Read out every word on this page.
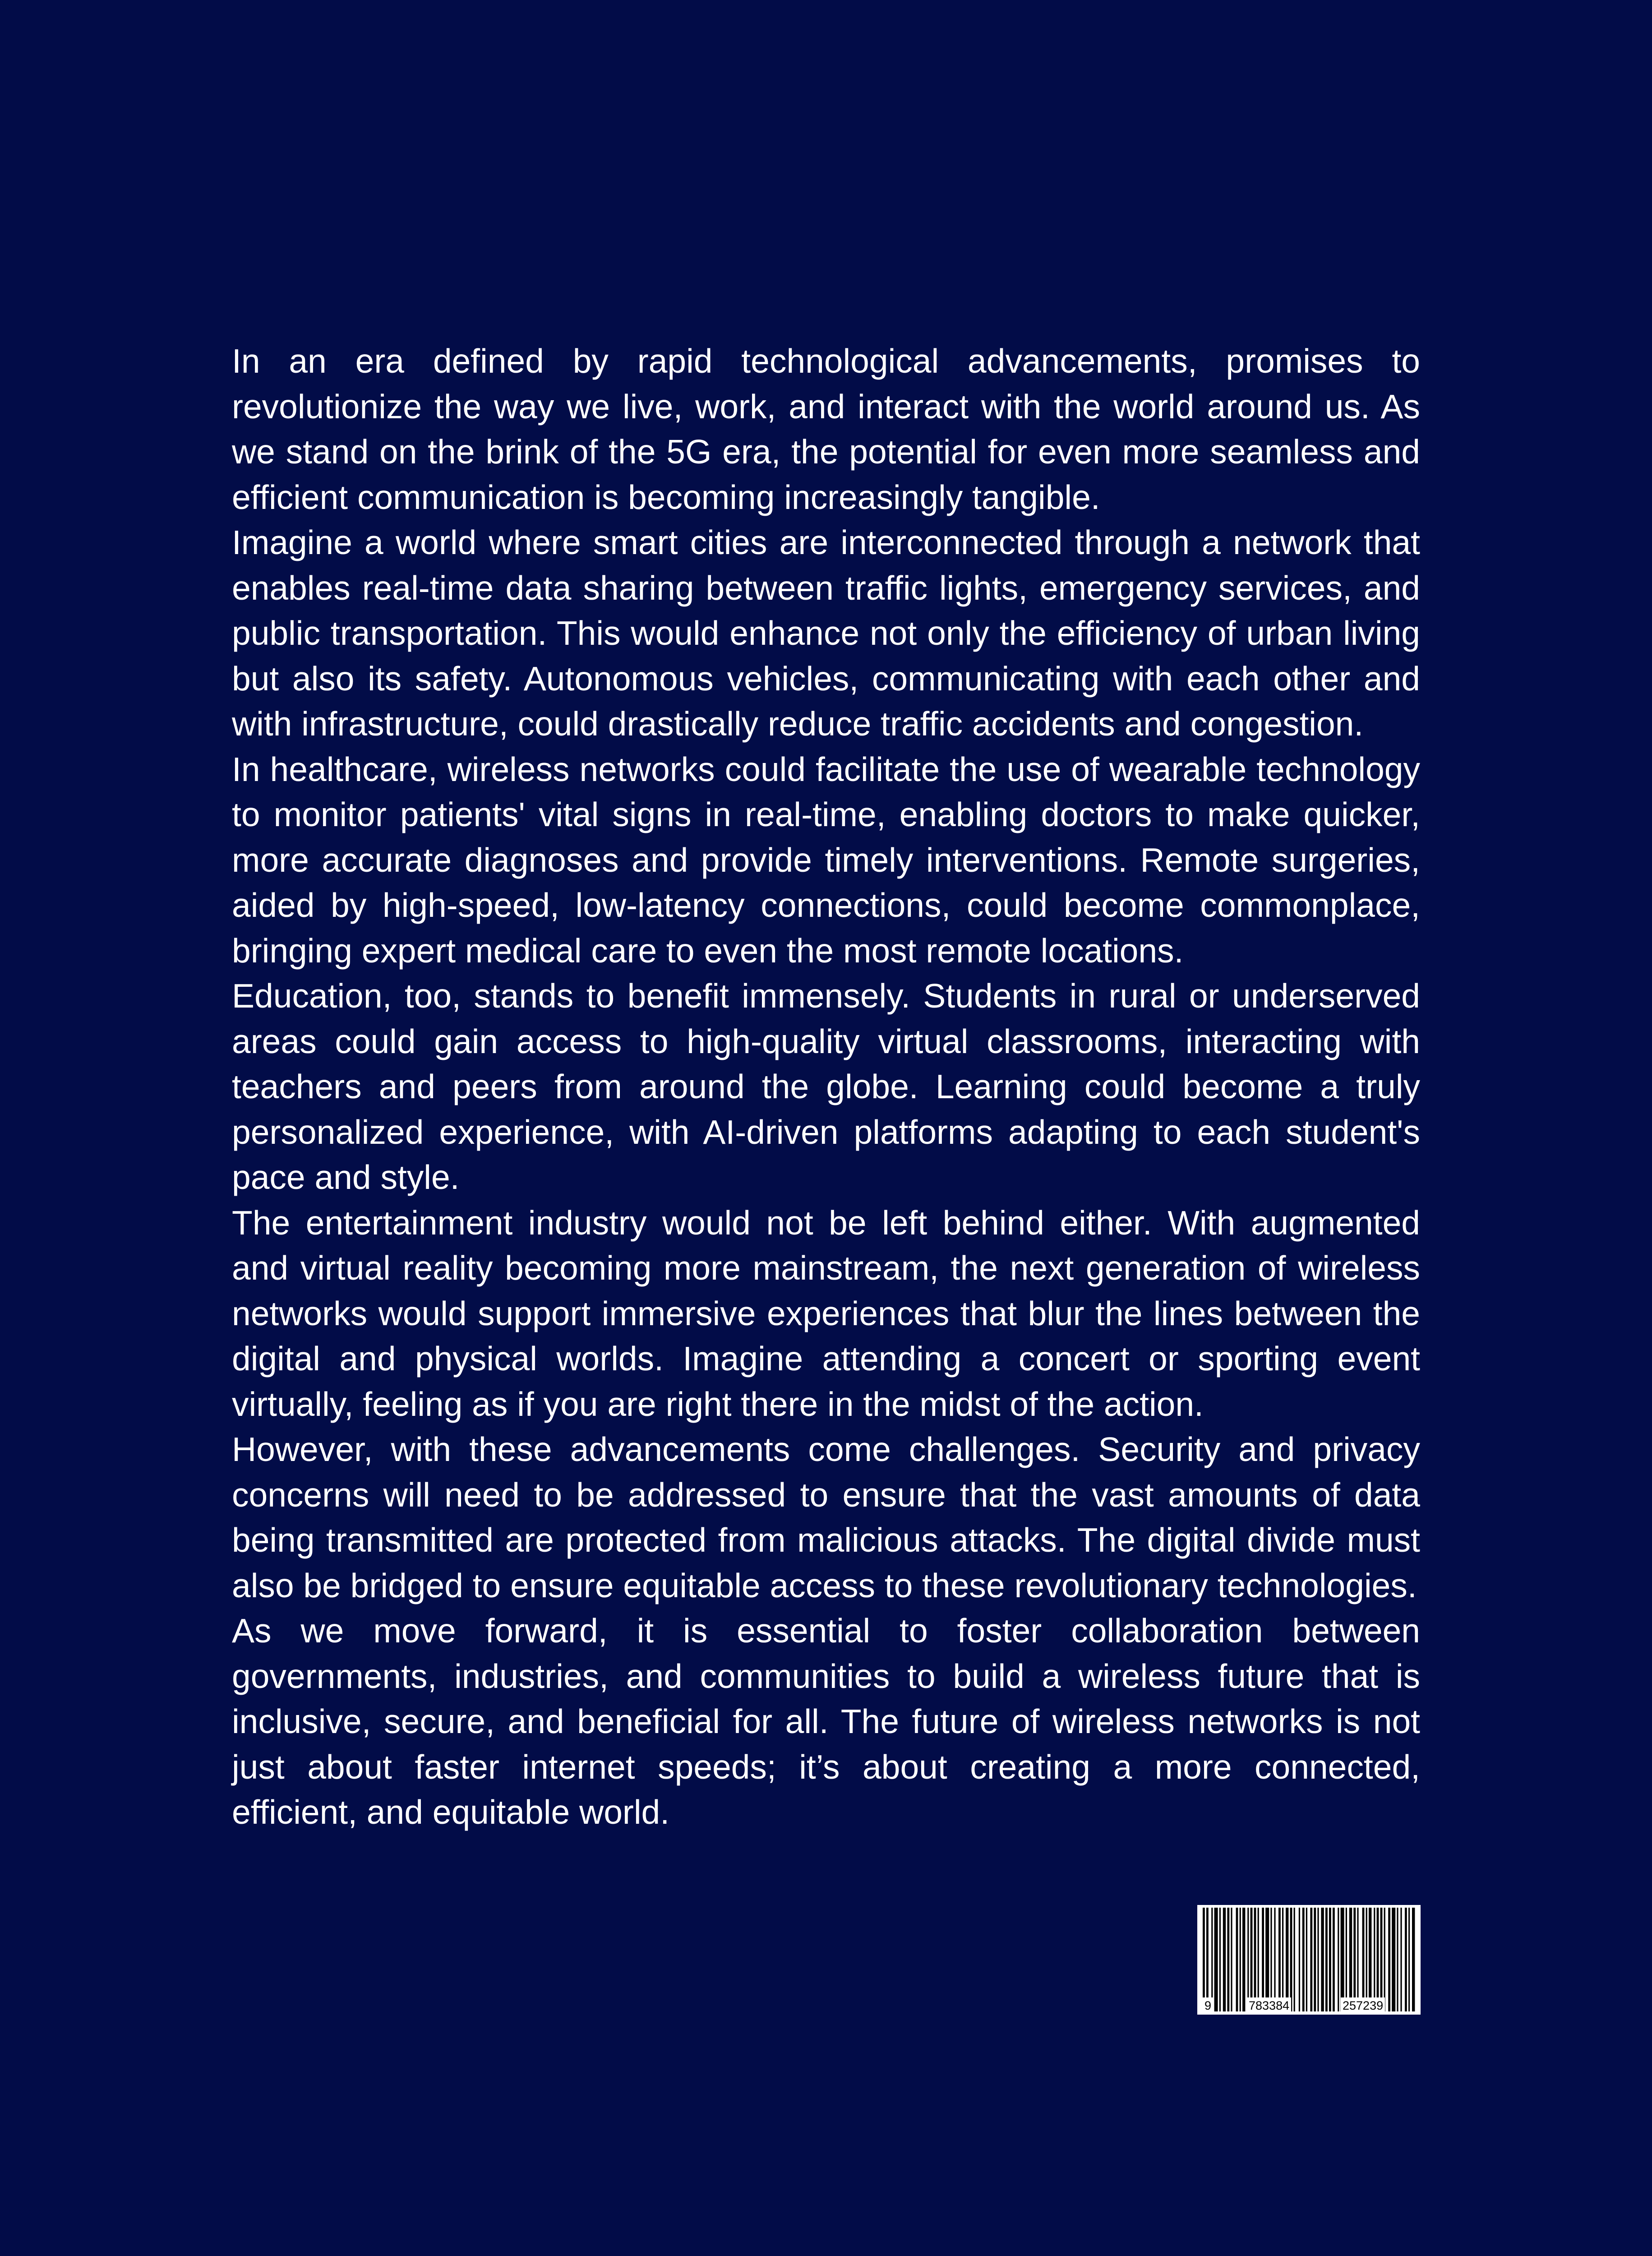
In an era defined by rapid technological advancements, promises to revolutionize the way we live, work, and interact with the world around us. As we stand on the brink of the 5G era, the potential for even more seamless and efficient communication is becoming increasingly tangible.

Imagine a world where smart cities are interconnected through a network that enables real-time data sharing between traffic lights, emergency services, and public transportation. This would enhance not only the efficiency of urban living but also its safety. Autonomous vehicles, communicating with each other and with infrastructure, could drastically reduce traffic accidents and congestion.

In healthcare, wireless networks could facilitate the use of wearable technology to monitor patients' vital signs in real-time, enabling doctors to make quicker, more accurate diagnoses and provide timely interventions. Remote surgeries, aided by high-speed, low-latency connections, could become commonplace, bringing expert medical care to even the most remote locations.

Education, too, stands to benefit immensely. Students in rural or underserved areas could gain access to high-quality virtual classrooms, interacting with teachers and peers from around the globe. Learning could become a truly personalized experience, with AI-driven platforms adapting to each student's pace and style.

The entertainment industry would not be left behind either. With augmented and virtual reality becoming more mainstream, the next generation of wireless networks would support immersive experiences that blur the lines between the digital and physical worlds. Imagine attending a concert or sporting event virtually, feeling as if you are right there in the midst of the action.

However, with these advancements come challenges. Security and privacy concerns will need to be addressed to ensure that the vast amounts of data being transmitted are protected from malicious attacks. The digital divide must also be bridged to ensure equitable access to these revolutionary technologies.

As we move forward, it is essential to foster collaboration between governments, industries, and communities to build a wireless future that is inclusive, secure, and beneficial for all. The future of wireless networks is not just about faster internet speeds; it’s about creating a more connected, efficient, and equitable world.

9	783384	257239
